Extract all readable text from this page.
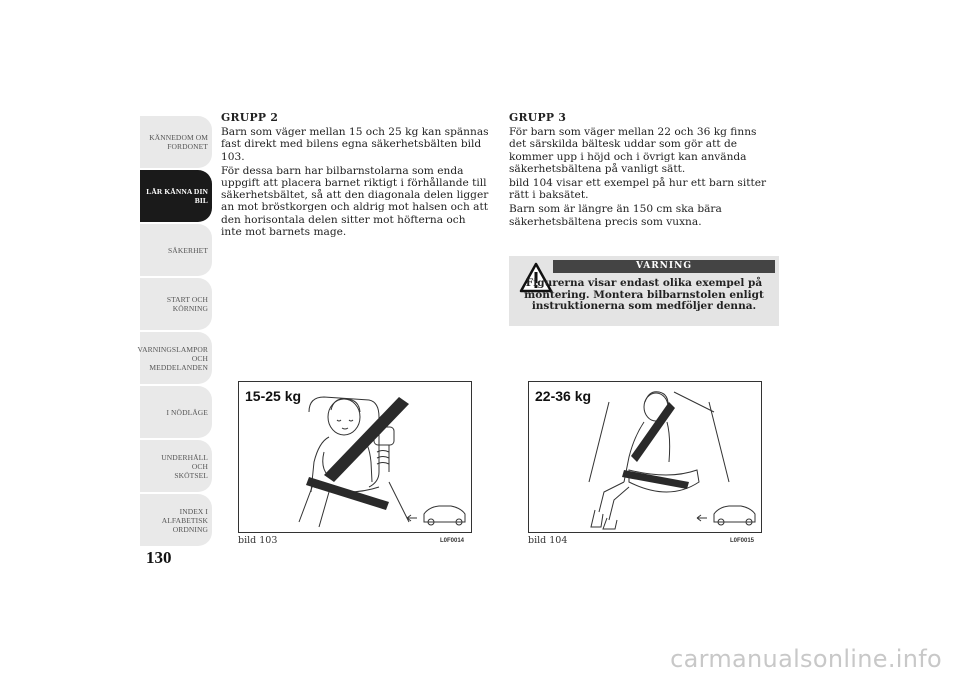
KÄNNEDOM OM
FORDONET
LÄR KÄNNA DIN
BIL
SÄKERHET
START OCH
KÖRNING
VARNINGSLAMPOR
OCH
MEDDELANDEN
I NÖDLÄGE
UNDERHÅLL OCH
SKÖTSEL
INDEX I
ALFABETISK
ORDNING
130
GRUPP 2

Barn som väger mellan 15 och 25 kg kan spännas fast direkt med bilens egna säkerhetsbälten bild 103.

För dessa barn har bilbarnstolarna som enda uppgift att placera barnet riktigt i förhållande till säkerhetsbältet, så att den diagonala delen ligger an mot bröstkorgen och aldrig mot halsen och att den horisontala delen sitter mot höfterna och inte mot barnets mage.

GRUPP 3

För barn som väger mellan 22 och 36 kg finns det särskilda bältesk uddar som gör att de kommer upp i höjd och i övrigt kan använda säkerhetsbältena på vanligt sätt.

bild 104 visar ett exempel på hur ett barn sitter rätt i baksätet.

Barn som är längre än 150 cm ska bära säkerhetsbältena precis som vuxna.

VARNING
Figurerna visar endast olika exempel på montering. Montera bilbarnstolen enligt instruktionerna som medföljer denna.
15-25 kg
bild 103	L0F0014
22-36 kg
bild 104	L0F0015
carmanualsonline.info
